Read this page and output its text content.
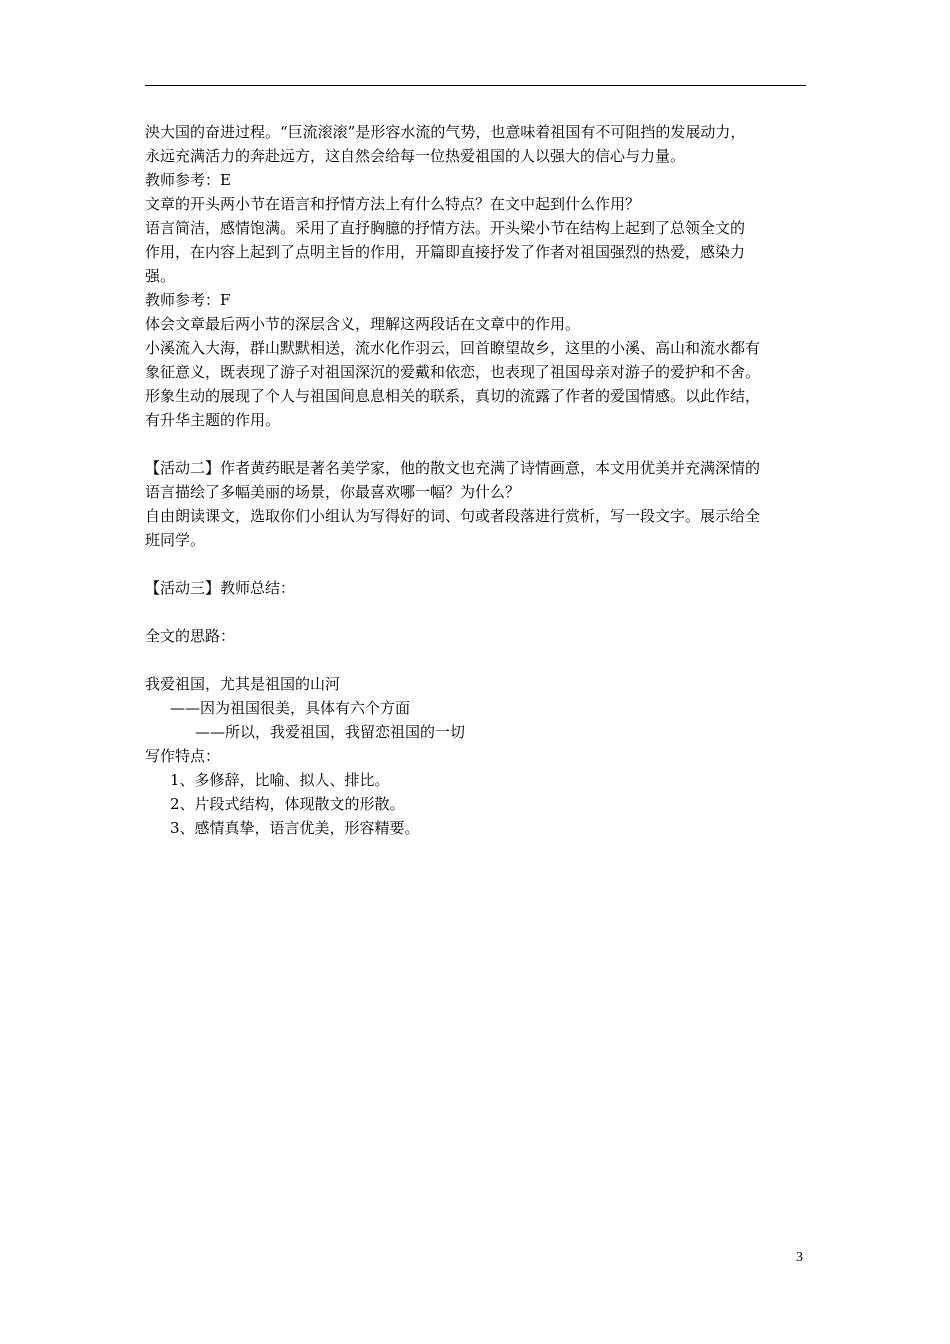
泱大国的奋进过程。“巨流滚滚”是形容水流的气势，也意味着祖国有不可阻挡的发展动力，

永远充满活力的奔赴远方，这自然会给每一位热爱祖国的人以强大的信心与力量。

教师参考：E

文章的开头两小节在语言和抒情方法上有什么特点？在文中起到什么作用？

语言简洁，感情饱满。采用了直抒胸臆的抒情方法。开头梁小节在结构上起到了总领全文的

作用，在内容上起到了点明主旨的作用，开篇即直接抒发了作者对祖国强烈的热爱，感染力

强。

教师参考：F

体会文章最后两小节的深层含义，理解这两段话在文章中的作用。

小溪流入大海，群山默默相送，流水化作羽云，回首瞭望故乡，这里的小溪、高山和流水都有

象征意义，既表现了游子对祖国深沉的爱戴和依恋，也表现了祖国母亲对游子的爱护和不舍。

形象生动的展现了个人与祖国间息息相关的联系，真切的流露了作者的爱国情感。以此作结，

有升华主题的作用。

【活动二】作者黄药眠是著名美学家，他的散文也充满了诗情画意，本文用优美并充满深情的

语言描绘了多幅美丽的场景，你最喜欢哪一幅？为什么？

自由朗读课文，选取你们小组认为写得好的词、句或者段落进行赏析，写一段文字。展示给全

班同学。

【活动三】教师总结：

全文的思路：

我爱祖国，尤其是祖国的山河

——因为祖国很美，具体有六个方面

——所以，我爱祖国，我留恋祖国的一切

写作特点：

1、多修辞，比喻、拟人、排比。

2、片段式结构，体现散文的形散。

3、感情真挚，语言优美，形容精要。

3
